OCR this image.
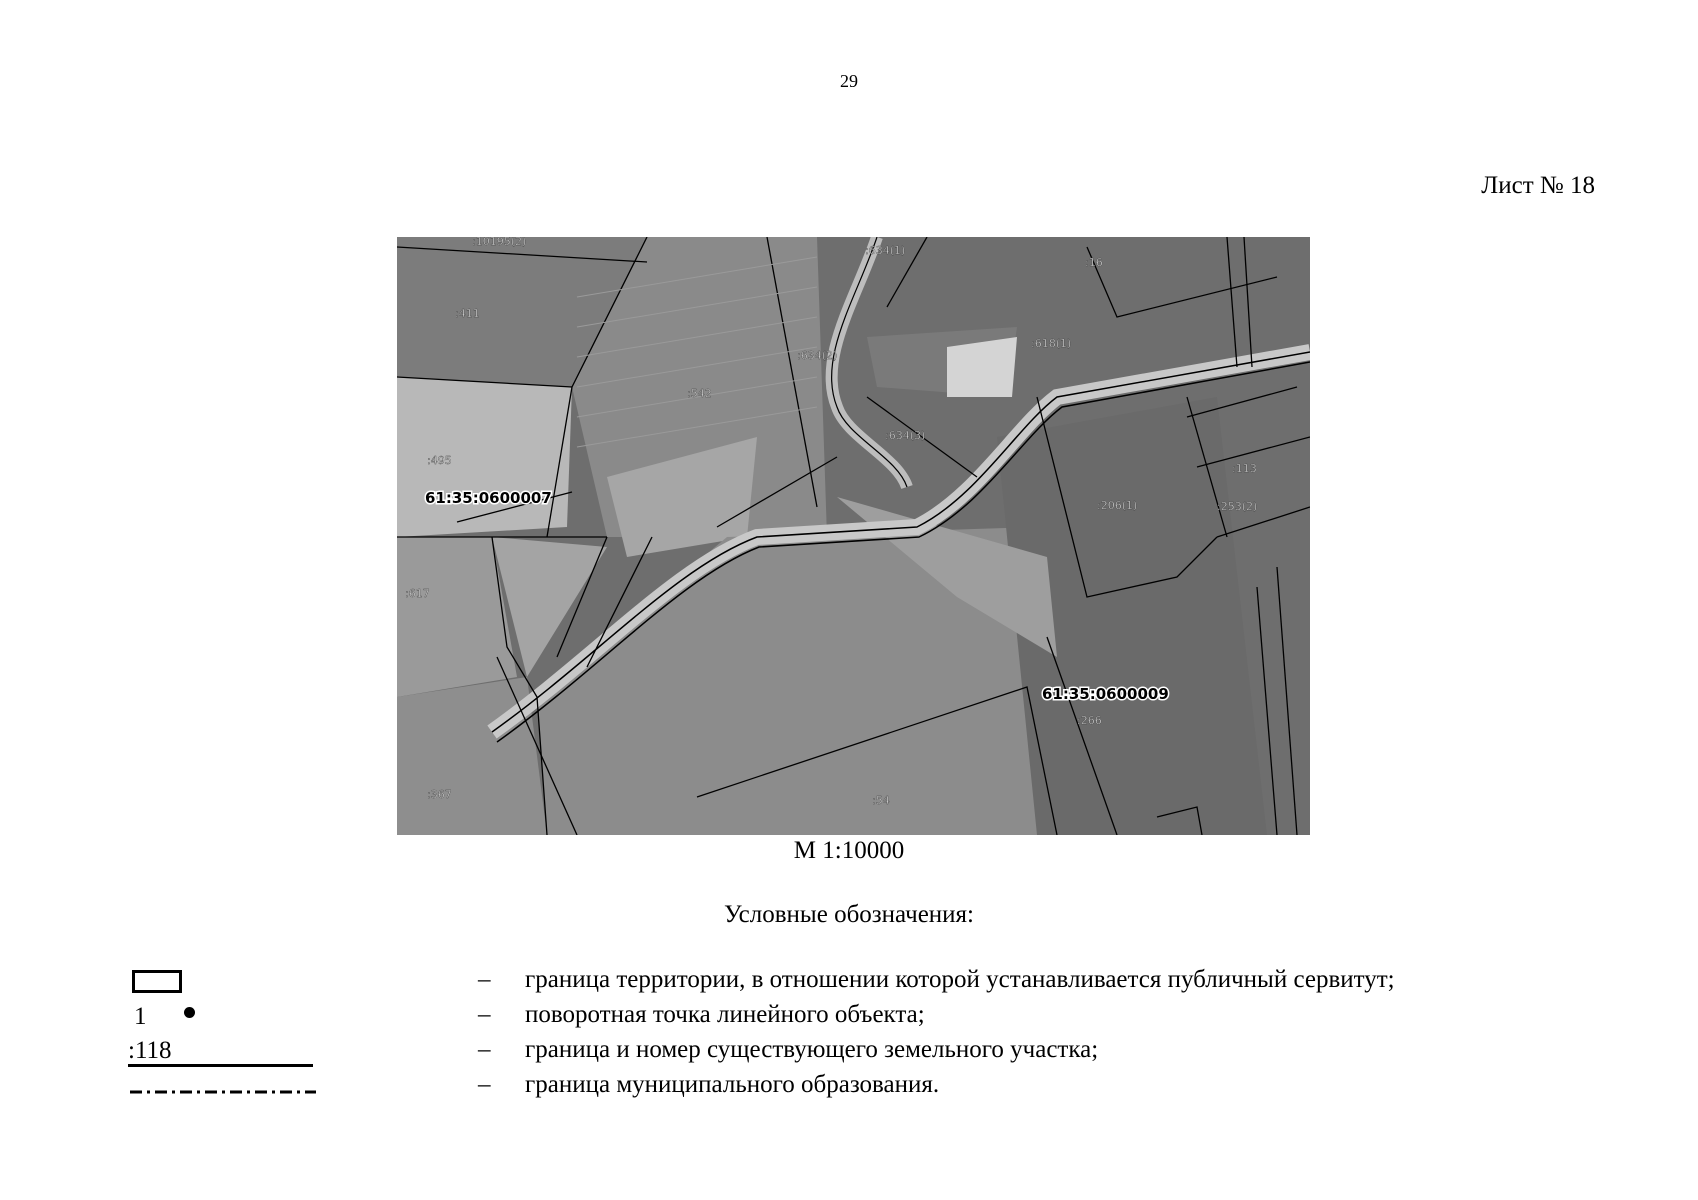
29
Лист № 18
:10195(2)
:634(1)
:16
:411
:634(2)
:618(1)
:542
:495
:634(3)
:113
:206(1)	:253(2)
:617
:266
:367	:54
61:35:0600007
61:35:0600009
М 1:10000
Условные обозначения:
– граница территории, в отношении которой устанавливается публичный сервитут;
1	– поворотная точка линейного объекта;
:118	– граница и номер существующего земельного участка;
– граница муниципального образования.
